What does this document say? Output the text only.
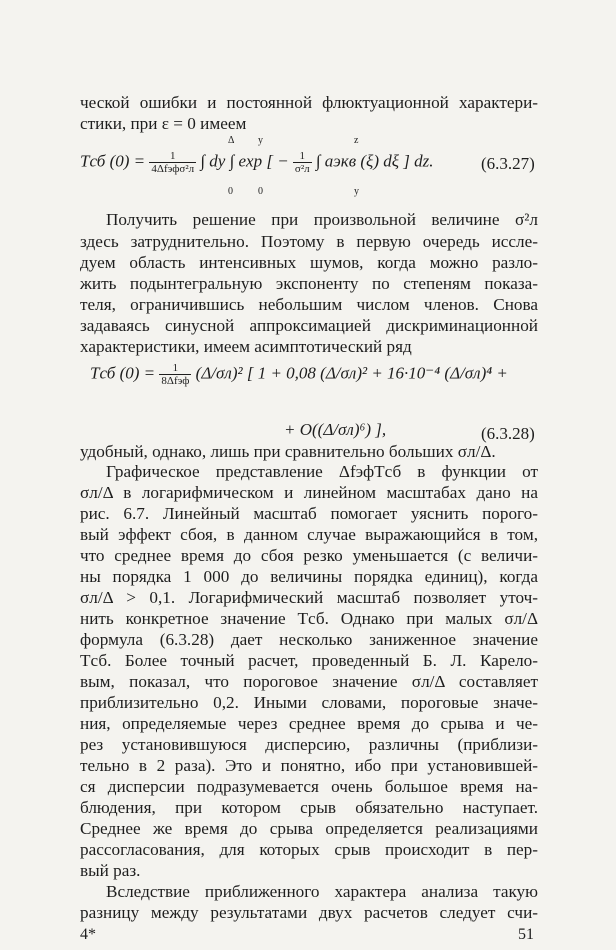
ческой ошибки и постоянной флюктуационной характери-
стики, при ε = 0 имеем
Tсб $(0) = \frac{1}{\text{4Δfэфσ²л}}$ ∫ dy ∫ exp [ − $\frac{1}{\text{σ²л}}$ ∫ aэкв (ξ) dξ ] dz.
Δ
0
y
0
z
y
(6.3.27)
Получить решение при произвольной величине σ²л
здесь затруднительно. Поэтому в первую очередь иссле-
дуем область интенсивных шумов, когда можно разло-
жить подынтегральную экспоненту по степеням показа-
теля, ограничившись небольшим числом членов. Снова
задаваясь синусной аппроксимацией дискриминационной
характеристики, имеем асимптотический ряд
Tсб $(0) = \frac{1}{\text{8Δfэф}} (\Delta/\sigma л)^2$ [ 1 + 0,08 (Δ/σл)² + 16·10⁻⁴ (Δ/σл)⁴ +
+ O((Δ/σл)⁶) ],	(6.3.28)
удобный, однако, лишь при сравнительно больших σл/Δ.
Графическое представление ΔfэфTсб в функции от
σл/Δ в логарифмическом и линейном масштабах дано на
рис. 6.7. Линейный масштаб помогает уяснить порого-
вый эффект сбоя, в данном случае выражающийся в том,
что среднее время до сбоя резко уменьшается (с величи-
ны порядка 1 000 до величины порядка единиц), когда
σл/Δ > 0,1. Логарифмический масштаб позволяет уточ-
нить конкретное значение Tсб. Однако при малых σл/Δ
формула (6.3.28) дает несколько заниженное значение
Tсб. Более точный расчет, проведенный Б. Л. Карело-
вым, показал, что пороговое значение σл/Δ составляет
приблизительно 0,2. Иными словами, пороговые значе-
ния, определяемые через среднее время до срыва и че-
рез установившуюся дисперсию, различны (приблизи-
тельно в 2 раза). Это и понятно, ибо при установившей-
ся дисперсии подразумевается очень большое время на-
блюдения, при котором срыв обязательно наступает.
Среднее же время до срыва определяется реализациями
рассогласования, для которых срыв происходит в пер-
вый раз.
Вследствие приближенного характера анализа такую
разницу между результатами двух расчетов следует счи-
4*	51
